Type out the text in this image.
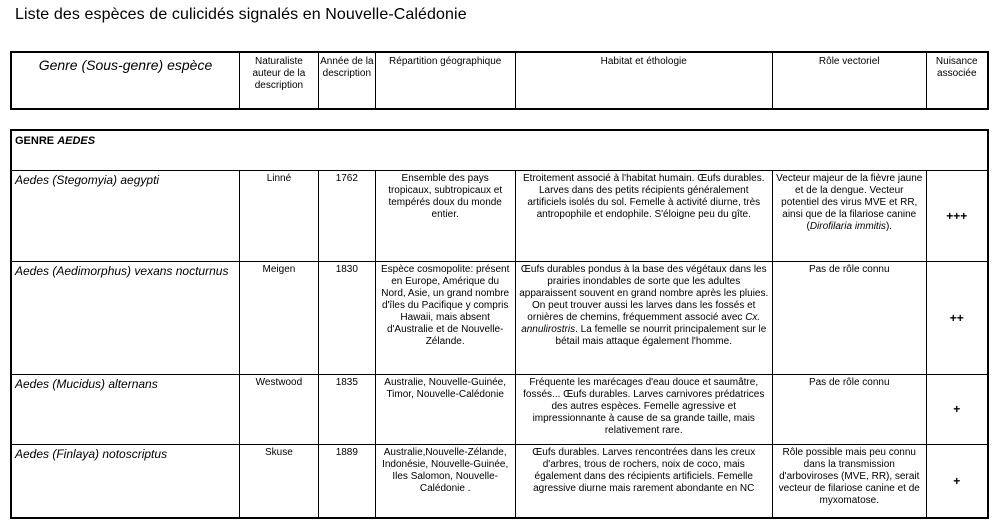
Liste des espèces de culicidés signalés en Nouvelle-Calédonie
Genre (Sous-genre) espèce	Naturaliste auteur de la description	Année de la description	Répartition géographique	Habitat et éthologie	Rôle vectoriel	Nuisance associée
GENRE AEDES						
Aedes (Stegomyia) aegypti	Linné	1762	Ensemble des pays tropicaux, subtropicaux et tempérés doux du monde entier.	Etroitement associé à l'habitat humain. Œufs durables. Larves dans des petits récipients généralement artificiels isolés du sol. Femelle à activité diurne, très antropophile et endophile. S'éloigne peu du gîte.	Vecteur majeur de la fièvre jaune et de la dengue. Vecteur potentiel des virus MVE et RR, ainsi que de la filariose canine (Dirofilaria immitis).	+++
Aedes (Aedimorphus) vexans nocturnus	Meigen	1830	Espèce cosmopolite: présent en Europe, Amérique du Nord, Asie, un grand nombre d'îles du Pacifique y compris Hawaii, mais absent d'Australie et de Nouvelle-Zélande.	Œufs durables pondus à la base des végétaux dans les prairies inondables de sorte que les adultes apparaissent souvent en grand nombre après les pluies. On peut trouver aussi les larves dans les fossés et ornières de chemins, fréquemment associé avec Cx. annulirostris. La femelle se nourrit principalement sur le bétail mais attaque également l'homme.	Pas de rôle connu	++
Aedes (Mucidus) alternans	Westwood	1835	Australie, Nouvelle-Guinée, Timor, Nouvelle-Calédonie	Fréquente les marécages d'eau douce et saumâtre, fossés... Œufs durables. Larves carnivores prédatrices des autres espèces. Femelle agressive et impressionnante à cause de sa grande taille, mais relativement rare.	Pas de rôle connu	+
Aedes (Finlaya) notoscriptus	Skuse	1889	Australie,Nouvelle-Zélande, Indonésie, Nouvelle-Guinée, Iles Salomon, Nouvelle-Calédonie .	Œufs durables. Larves rencontrées dans les creux d'arbres, trous de rochers, noix de coco, mais également dans des récipients artificiels. Femelle agressive diurne mais rarement abondante en NC	Rôle possible mais peu connu dans la transmission d'arboviroses (MVE, RR), serait vecteur de filariose canine et de myxomatose.	+
